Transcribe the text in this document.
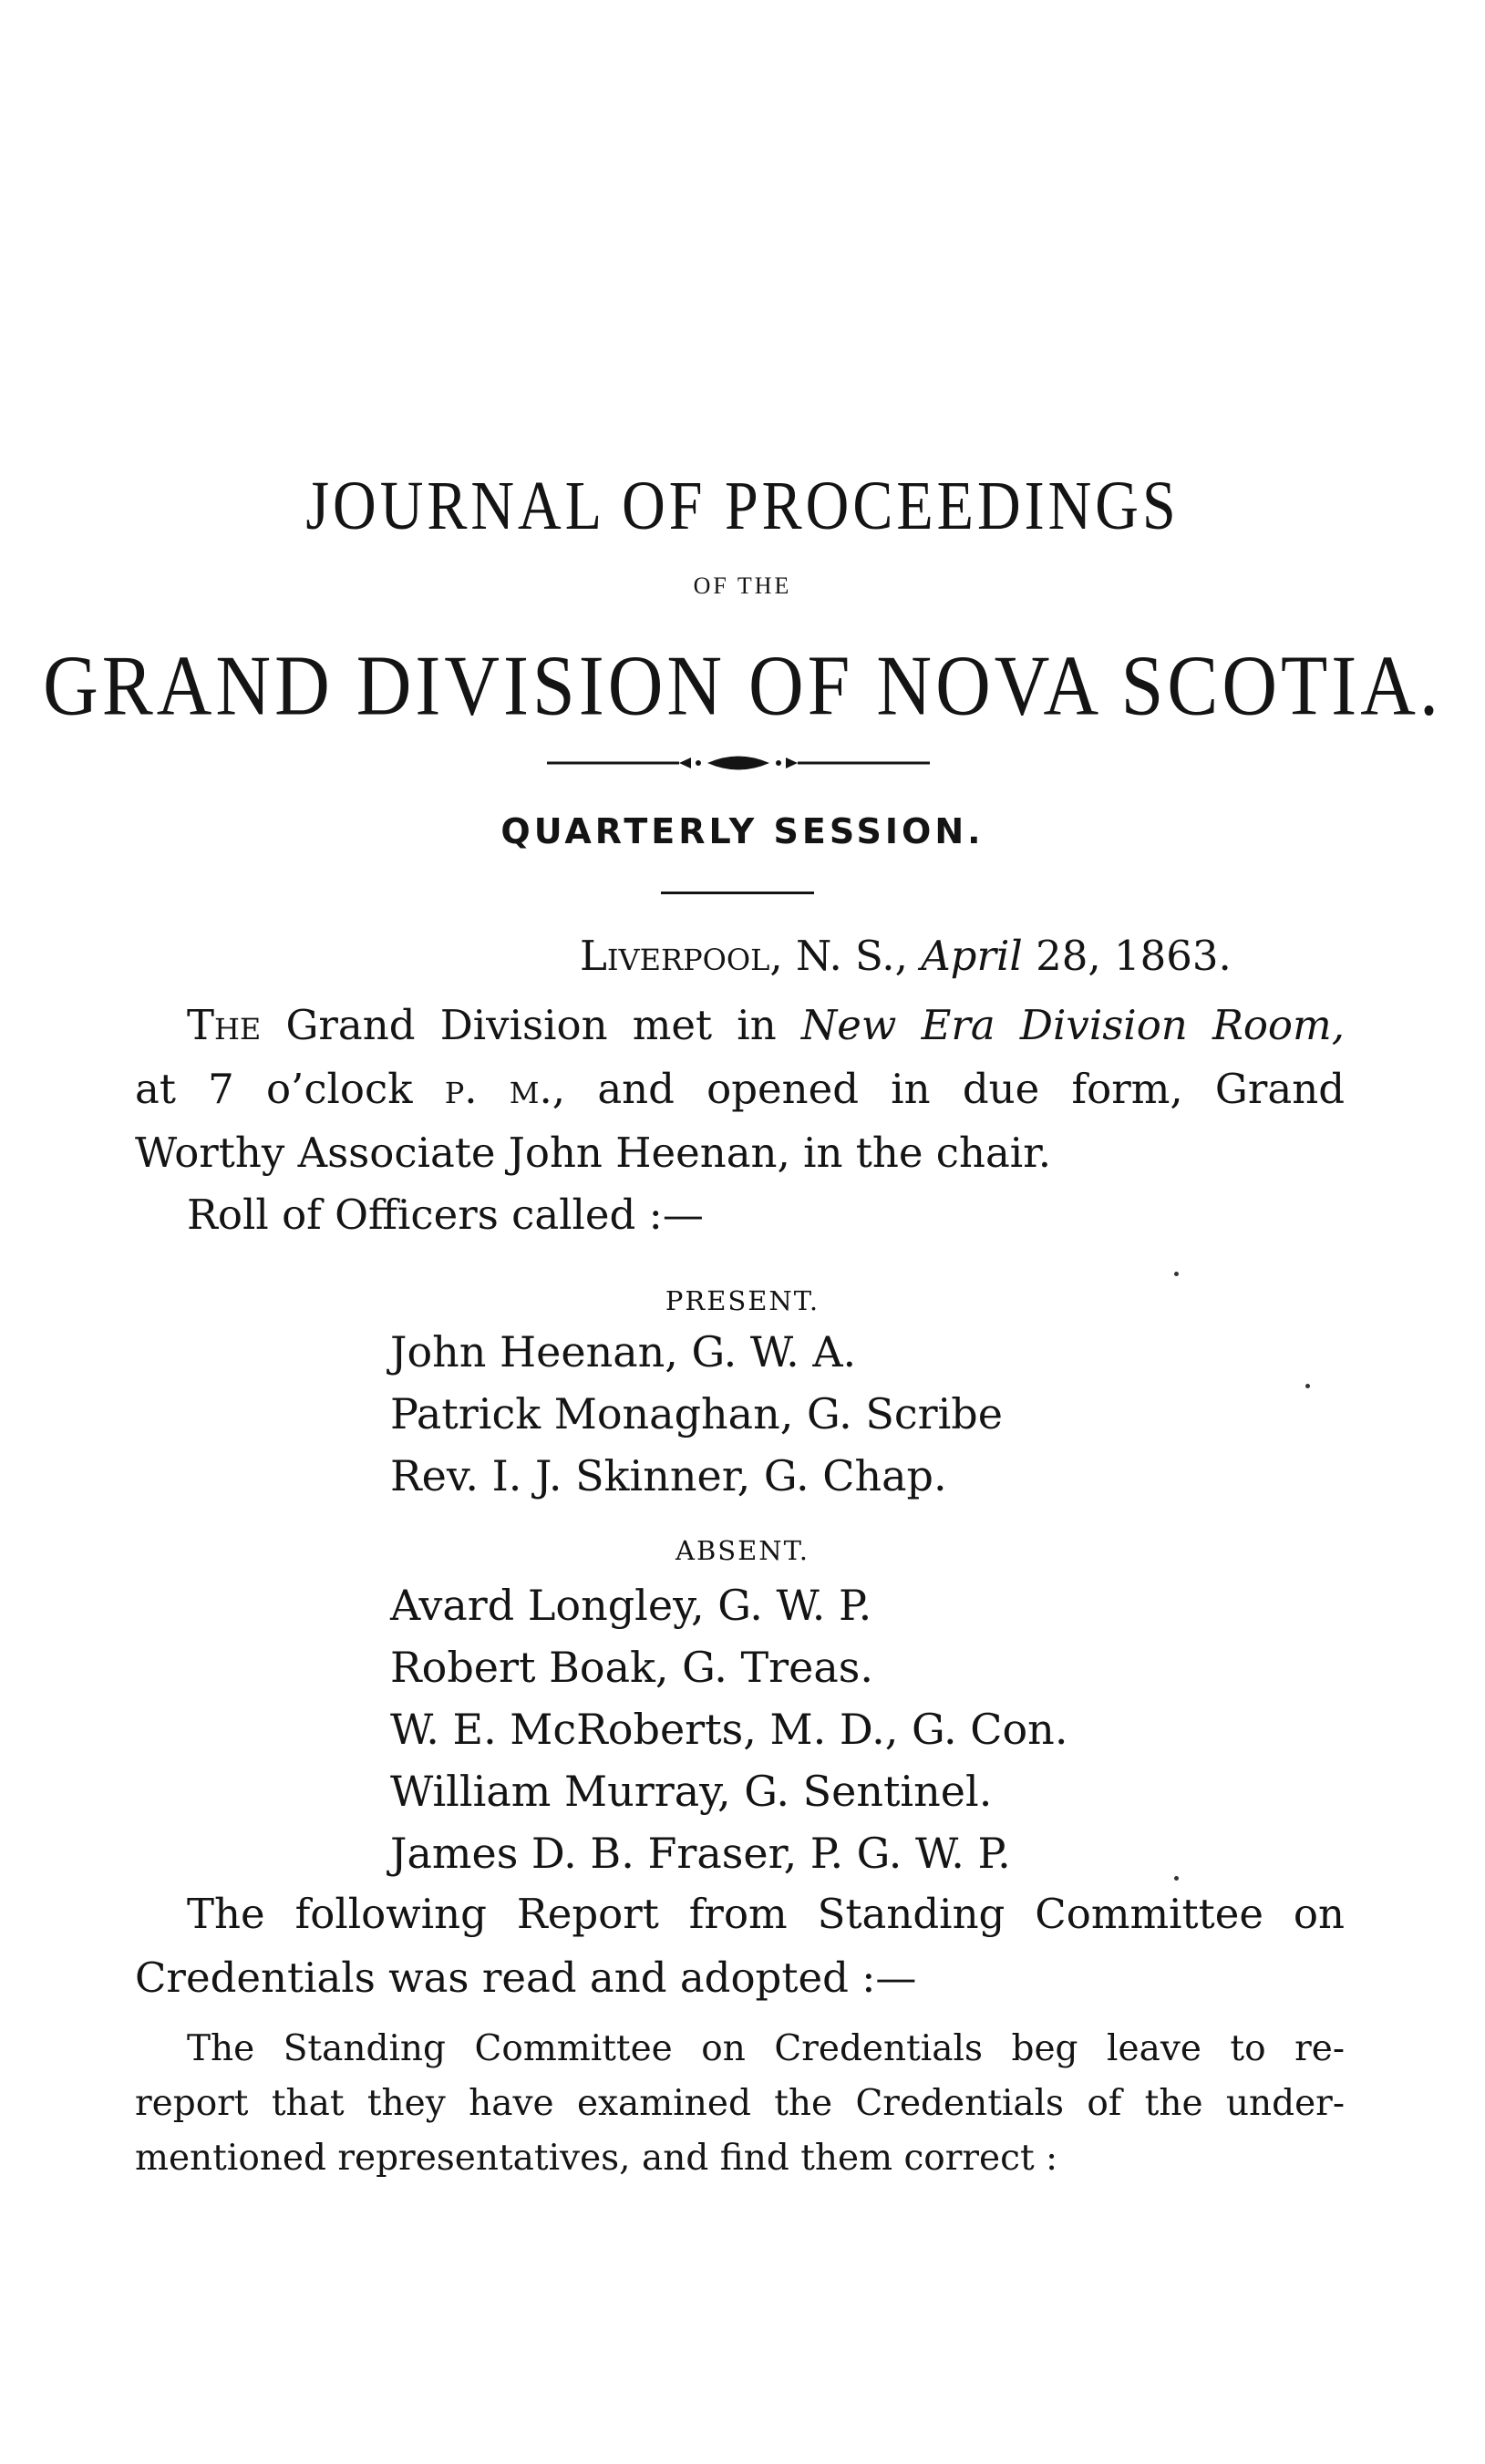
JOURNAL OF PROCEEDINGS
OF THE
GRAND DIVISION OF NOVA SCOTIA.
QUARTERLY SESSION.
Liverpool, N. S., April 28, 1863.
The Grand Division met in New Era Division Room,
at 7 o’clock p. m., and opened in due form, Grand
Worthy Associate John Heenan, in the chair.
Roll of Officers called :—
PRESENT.
John Heenan, G. W. A.
Patrick Monaghan, G. Scribe
Rev. I. J. Skinner, G. Chap.
ABSENT.
Avard Longley, G. W. P.
Robert Boak, G. Treas.
W. E. McRoberts, M. D., G. Con.
William Murray, G. Sentinel.
James D. B. Fraser, P. G. W. P.
The following Report from Standing Committee on
Credentials was read and adopted :—
The Standing Committee on Credentials beg leave to re-
report that they have examined the Credentials of the under-
mentioned representatives, and find them correct :
